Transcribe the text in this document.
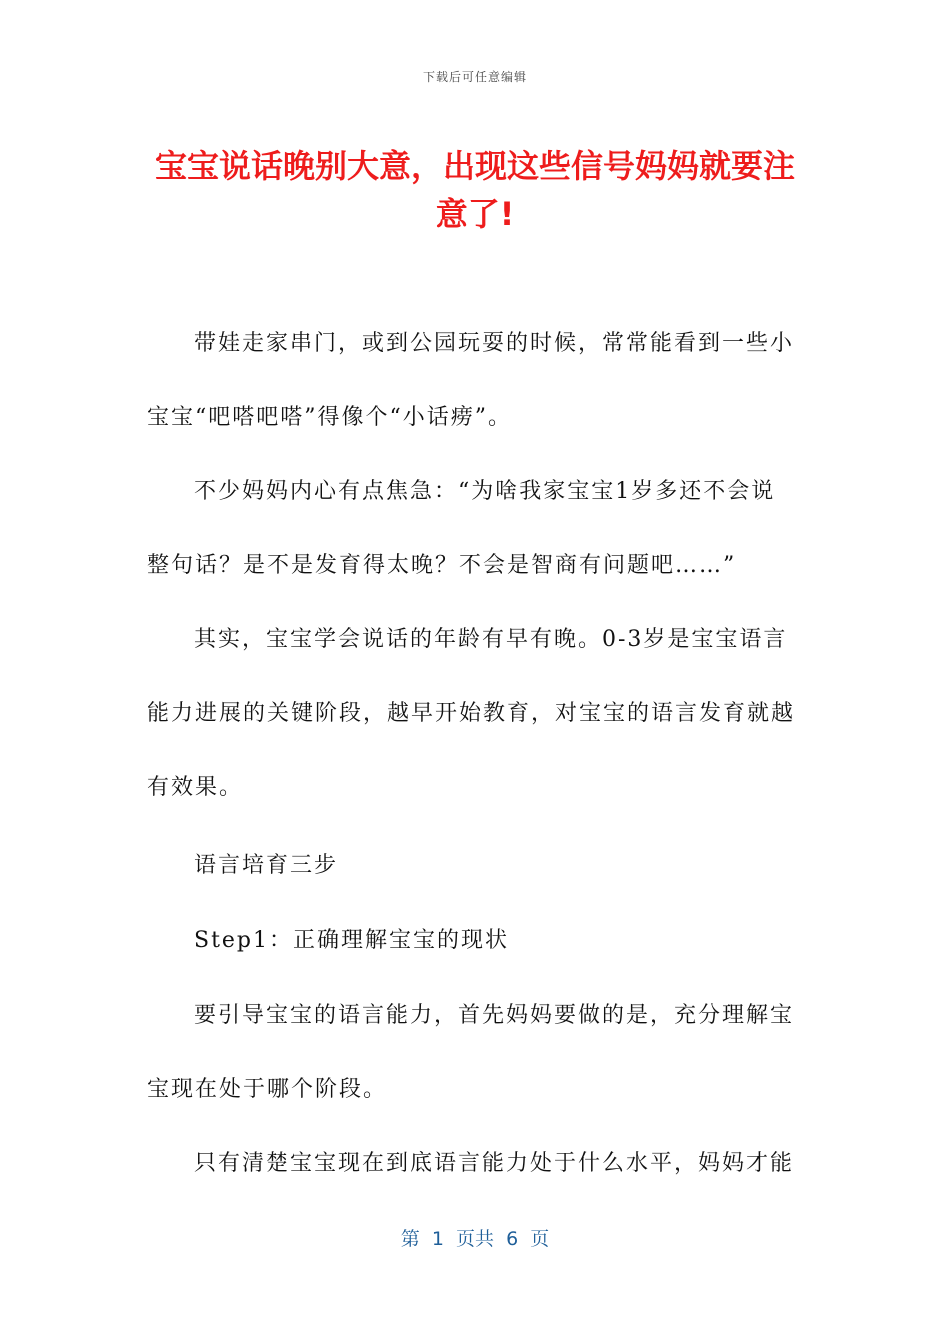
下载后可任意编辑
宝宝说话晚别大意，出现这些信号妈妈就要注意了!

带娃走家串门，或到公园玩耍的时候，常常能看到一些小宝宝“吧嗒吧嗒”得像个“小话痨”。

不少妈妈内心有点焦急：“为啥我家宝宝1岁多还不会说整句话？是不是发育得太晚？不会是智商有问题吧……”

其实，宝宝学会说话的年龄有早有晚。0-3岁是宝宝语言能力进展的关键阶段，越早开始教育，对宝宝的语言发育就越有效果。

语言培育三步

Step1：正确理解宝宝的现状

要引导宝宝的语言能力，首先妈妈要做的是，充分理解宝宝现在处于哪个阶段。

只有清楚宝宝现在到底语言能力处于什么水平，妈妈才能

第  1  页共  6  页
